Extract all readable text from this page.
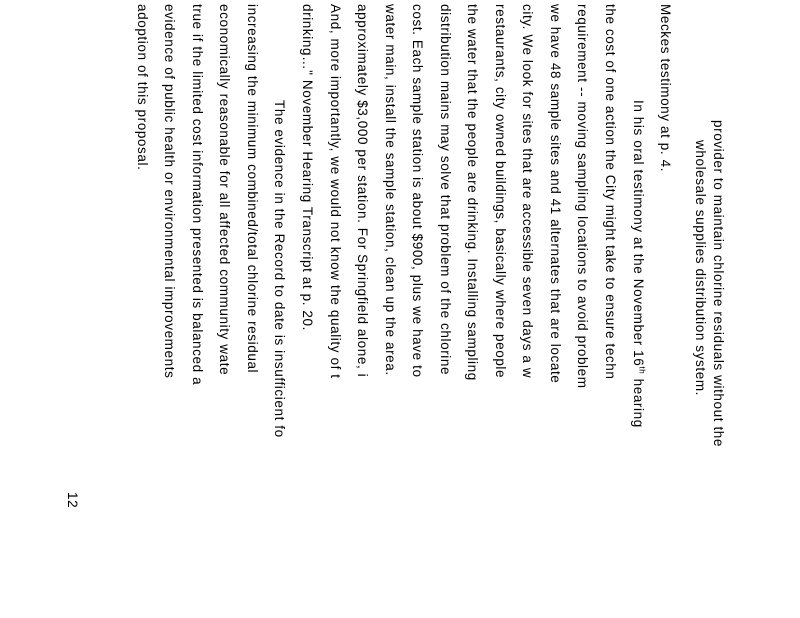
provider to maintain chlorine residuals without the
wholesale supplies distribution system.
Meckes testimony at p. 4.
In his oral testimony at the November 16th hearing
the cost of one action the City might take to ensure techn
requirement -- moving sampling locations to avoid problem
we have 48 sample sites and 41 alternates that are locate
city. We look for sites that are accessible seven days a w
restaurants, city owned buildings, basically where people
the water that the people are drinking. Installing sampling
distribution mains may solve that problem of the chlorine
cost. Each sample station is about $900, plus we have to
water main, install the sample station, clean up the area.
approximately $3,000 per station. For Springfield alone, i
And, more importantly, we would not know the quality of t
drinking…" November Hearing Transcript at p. 20.
The evidence in the Record to date is insufficient fo
increasing the minimum combined/total chlorine residual
economically reasonable for all affected community wate
true if the limited cost information presented is balanced a
evidence of public health or environmental improvements
adoption of this proposal.
12
